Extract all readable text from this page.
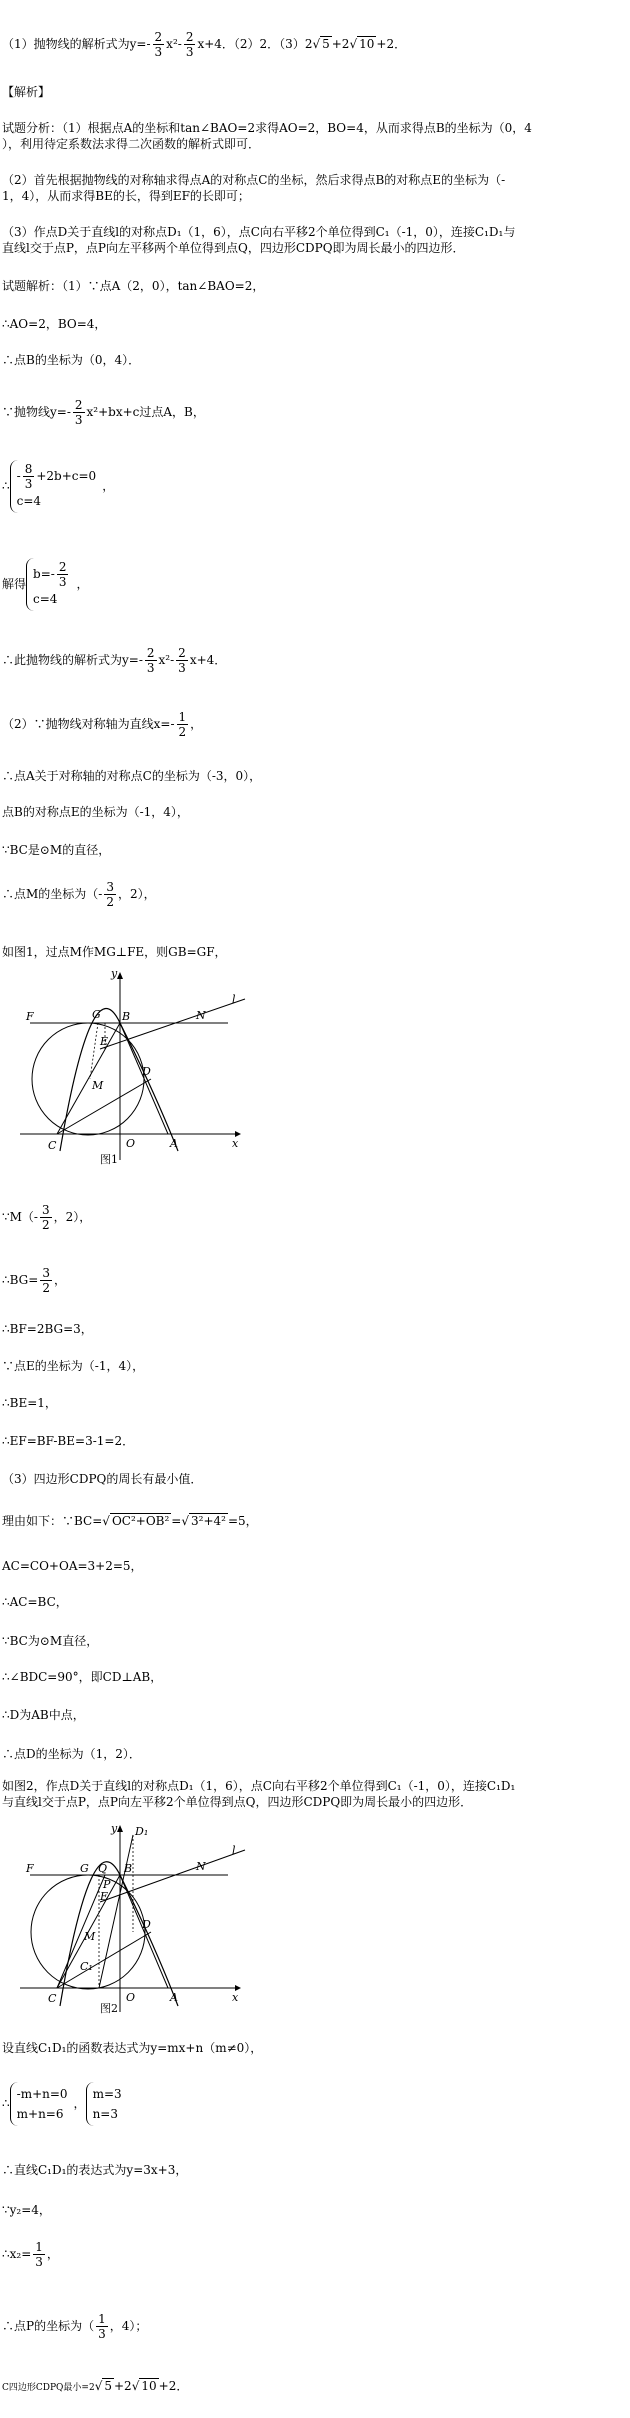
（1）抛物线的解析式为$y=- \frac{2}{3} x^2- \frac{2}{3} x+4$．（2）2．（3）2√ 5 +2√ 10 +2．
【解析】
试题分析：（1）根据点A的坐标和tan∠BAO=2求得AO=2，BO=4，从而求得点B的坐标为（0，4
），利用待定系数法求得二次函数的解析式即可．
（2）首先根据抛物线的对称轴求得点A的对称点C的坐标，然后求得点B的对称点E的坐标为（-
1，4），从而求得BE的长，得到EF的长即可；
（3）作点D关于直线l的对称点D₁（1，6），点C向右平移2个单位得到C₁（-1，0），连接C₁D₁与
直线l交于点P，点P向左平移两个单位得到点Q，四边形CDPQ即为周长最小的四边形．
试题解析：（1）∵点A（2，0），tan∠BAO=2，
∴AO=2，BO=4，
∴点B的坐标为（0，4）．
∵抛物线$y=- \frac{2}{3} x^2+bx+c$过点A，B，
∴
- $\frac{8}{3} +2b+c=0$
c=4
，
解得
$b=- \frac{2}{3}$
c=4
，
∴此抛物线的解析式为$y=- \frac{2}{3} x^2- \frac{2}{3} x+4$．
（2）∵抛物线对称轴为直线$x=- \frac{1}{2}$ ，
∴点A关于对称轴的对称点C的坐标为（-3，0），
点B的对称点E的坐标为（-1，4），
∵BC是⊙M的直径，
∴点M的坐标为（- $\frac{3}{2}$ ，2），
如图1，过点M作MG⊥FE，则GB=GF，
y
F	G B	N
l
E
M
D
C	O	A	x
图1
∵M（- $\frac{3}{2}$ ，2），
∴BG= $\frac{3}{2}$ ，
∴BF=2BG=3，
∵点E的坐标为（-1，4），
∴BE=1，
∴EF=BF-BE=3-1=2．
（3）四边形CDPQ的周长有最小值．
理由如下：∵BC=√ OC²+OB² =√ 3²+4² =5，
AC=CO+OA=3+2=5，
∴AC=BC，
∵BC为⊙M直径，
∴∠BDC=90°，即CD⊥AB，
∴D为AB中点，
∴点D的坐标为（1，2）．
如图2，作点D关于直线l的对称点D₁（1，6），点C向右平移2个单位得到C₁（-1，0），连接C₁D₁
与直线l交于点P，点P向左平移2个单位得到点Q，四边形CDPQ即为周长最小的四边形．
y D₁
F	G Q B
P
N
l
E
M
D
C₁
C	O	A	x
图2
设直线C₁D₁的函数表达式为y=mx+n（m≠0），
∴
-m+n=0
m+n=6
，
m=3
n=3
∴直线C₁D₁的表达式为y=3x+3，
∵y₂=4，
∴x₂= $\frac{1}{3}$ ，
∴点P的坐标为（ $\frac{1}{3}$ ，4）；
C四边形CDPQ最小=2√ 5 +2√ 10 +2．
